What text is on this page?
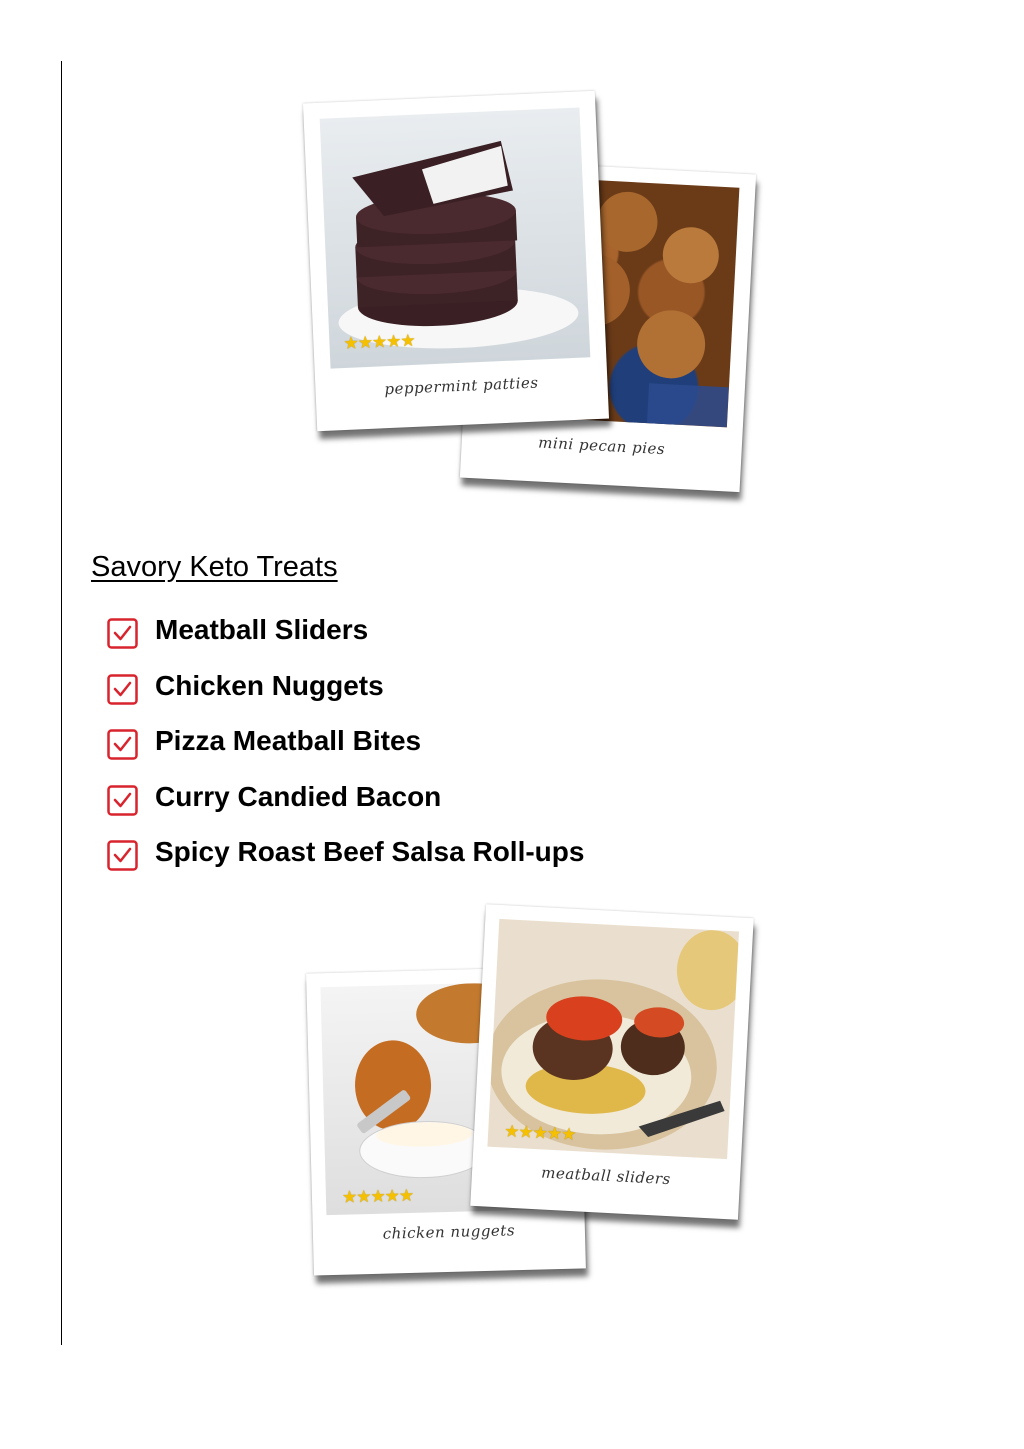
mini pecan pies
★★★★★
peppermint patties
Savory Keto Treats
Meatball Sliders
Chicken Nuggets
Pizza Meatball Bites
Curry Candied Bacon
Spicy Roast Beef Salsa Roll-ups
★★★★★
chicken nuggets
★★★★★
meatball sliders
